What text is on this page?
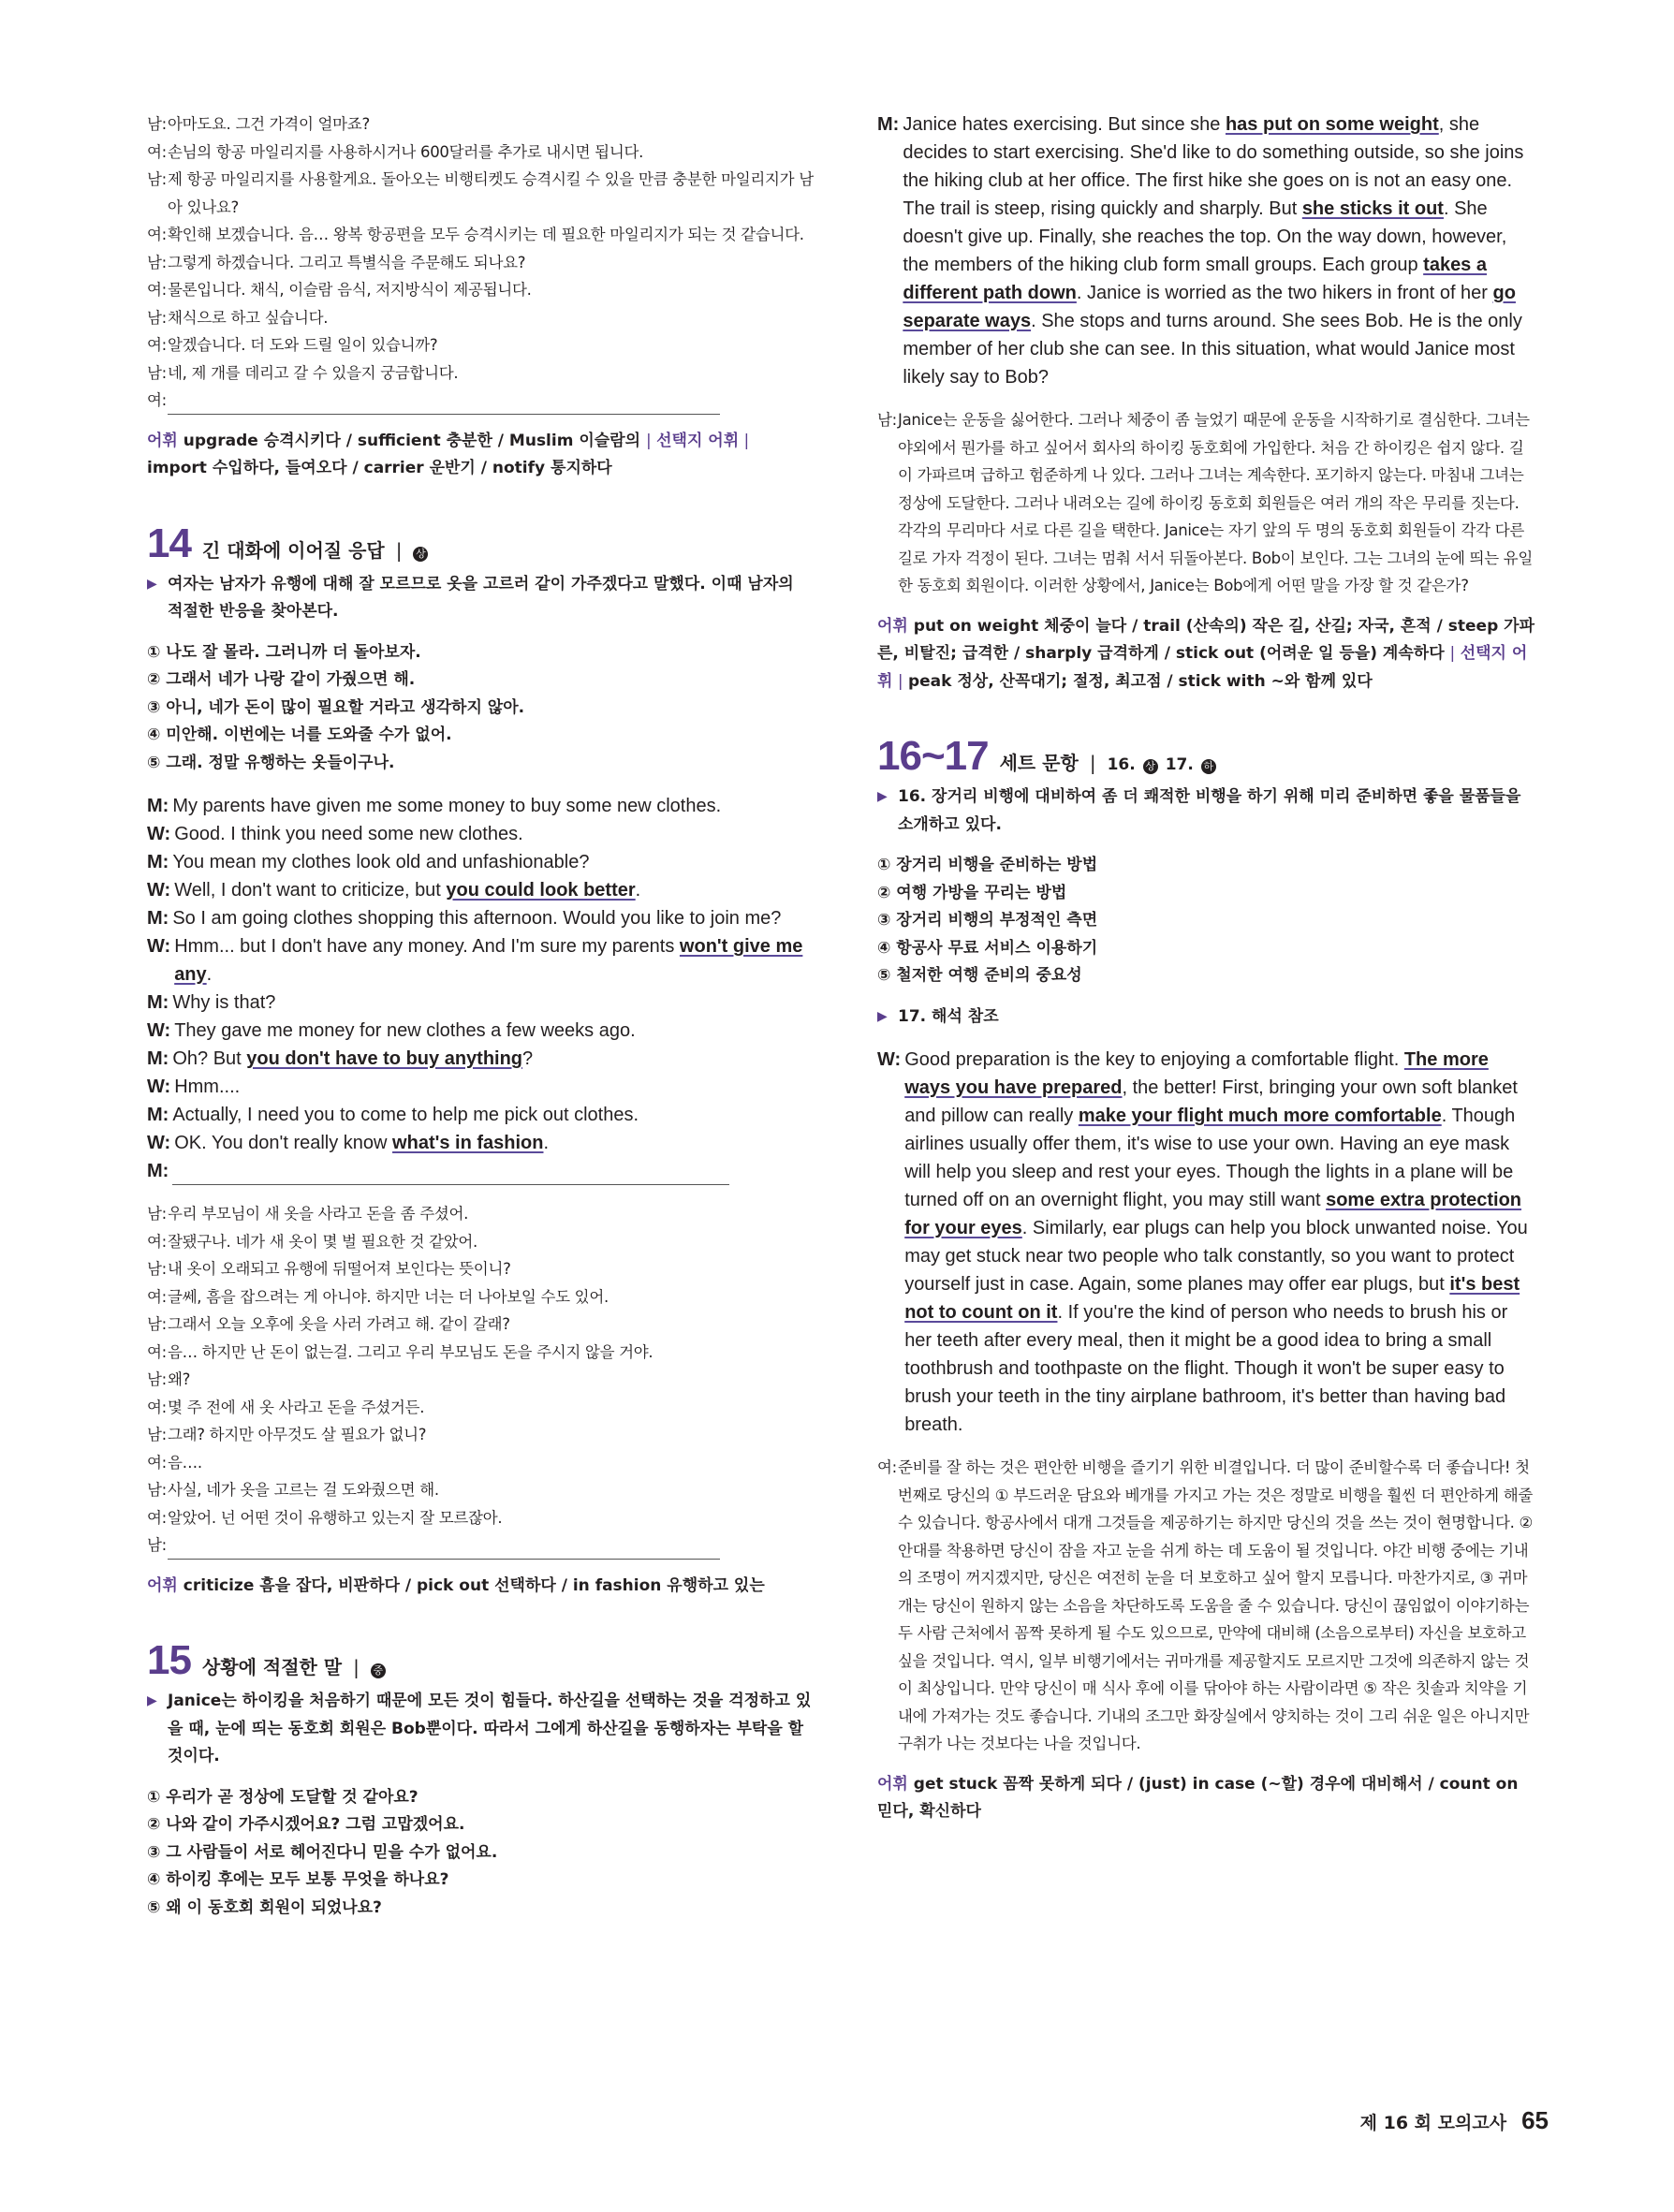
남: 아마도요. 그건 가격이 얼마죠?
여: 손님의 항공 마일리지를 사용하시거나 600달러를 추가로 내시면 됩니다.
남: 제 항공 마일리지를 사용할게요. 돌아오는 비행티켓도 승격시킬 수 있을 만큼 충분한 마일리지가 남아 있나요?
여: 확인해 보겠습니다. 음… 왕복 항공편을 모두 승격시키는 데 필요한 마일리지가 되는 것 같습니다.
남: 그렇게 하겠습니다. 그리고 특별식을 주문해도 되나요?
여: 물론입니다. 채식, 이슬람 음식, 저지방식이 제공됩니다.
남: 채식으로 하고 싶습니다.
여: 알겠습니다. 더 도와 드릴 일이 있습니까?
남: 네, 제 개를 데리고 갈 수 있을지 궁금합니다.
여:
어휘 upgrade 승격시키다 / sufficient 충분한 / Muslim 이슬람의 | 선택지 어휘 | import 수입하다, 들여오다 / carrier 운반기 / notify 통지하다
14 긴 대화에 이어질 응답 | 상
▶ 여자는 남자가 유행에 대해 잘 모르므로 옷을 고르러 같이 가주겠다고 말했다. 이때 남자의 적절한 반응을 찾아본다.
① 나도 잘 몰라. 그러니까 더 돌아보자.
② 그래서 네가 나랑 같이 가줬으면 해.
③ 아니, 네가 돈이 많이 필요할 거라고 생각하지 않아.
④ 미안해. 이번에는 너를 도와줄 수가 없어.
⑤ 그래. 정말 유행하는 옷들이구나.
M: My parents have given me some money to buy some new clothes.
W: Good. I think you need some new clothes.
M: You mean my clothes look old and unfashionable?
W: Well, I don't want to criticize, but you could look better.
M: So I am going clothes shopping this afternoon. Would you like to join me?
W: Hmm... but I don't have any money. And I'm sure my parents won't give me any.
M: Why is that?
W: They gave me money for new clothes a few weeks ago.
M: Oh? But you don't have to buy anything?
W: Hmm....
M: Actually, I need you to come to help me pick out clothes.
W: OK. You don't really know what's in fashion.
M:
남: 우리 부모님이 새 옷을 사라고 돈을 좀 주셨어.
여: 잘됐구나. 네가 새 옷이 몇 벌 필요한 것 같았어.
남: 내 옷이 오래되고 유행에 뒤떨어져 보인다는 뜻이니?
여: 글쎄, 흠을 잡으려는 게 아니야. 하지만 너는 더 나아보일 수도 있어.
남: 그래서 오늘 오후에 옷을 사러 가려고 해. 같이 갈래?
여: 음… 하지만 난 돈이 없는걸. 그리고 우리 부모님도 돈을 주시지 않을 거야.
남: 왜?
여: 몇 주 전에 새 옷 사라고 돈을 주셨거든.
남: 그래? 하지만 아무것도 살 필요가 없니?
여: 음….
남: 사실, 네가 옷을 고르는 걸 도와줬으면 해.
여: 알았어. 넌 어떤 것이 유행하고 있는지 잘 모르잖아.
남:
어휘 criticize 흠을 잡다, 비판하다 / pick out 선택하다 / in fashion 유행하고 있는
15 상황에 적절한 말 | 중
▶ Janice는 하이킹을 처음하기 때문에 모든 것이 힘들다. 하산길을 선택하는 것을 걱정하고 있을 때, 눈에 띄는 동호회 회원은 Bob뿐이다. 따라서 그에게 하산길을 동행하자는 부탁을 할 것이다.
① 우리가 곧 정상에 도달할 것 같아요?
② 나와 같이 가주시겠어요? 그럼 고맙겠어요.
③ 그 사람들이 서로 헤어진다니 믿을 수가 없어요.
④ 하이킹 후에는 모두 보통 무엇을 하나요?
⑤ 왜 이 동호회 회원이 되었나요?
M: Janice hates exercising. But since she has put on some weight, she decides to start exercising. She'd like to do something outside, so she joins the hiking club at her office. The first hike she goes on is not an easy one. The trail is steep, rising quickly and sharply. But she sticks it out. She doesn't give up. Finally, she reaches the top. On the way down, however, the members of the hiking club form small groups. Each group takes a different path down. Janice is worried as the two hikers in front of her go separate ways. She stops and turns around. She sees Bob. He is the only member of her club she can see. In this situation, what would Janice most likely say to Bob?
남: Janice는 운동을 싫어한다. 그러나 체중이 좀 늘었기 때문에 운동을 시작하기로 결심한다. 그녀는 야외에서 뭔가를 하고 싶어서 회사의 하이킹 동호회에 가입한다. 처음 간 하이킹은 쉽지 않다. 길이 가파르며 급하고 험준하게 나 있다. 그러나 그녀는 계속한다. 포기하지 않는다. 마침내 그녀는 정상에 도달한다. 그러나 내려오는 길에 하이킹 동호회 회원들은 여러 개의 작은 무리를 짓는다. 각각의 무리마다 서로 다른 길을 택한다. Janice는 자기 앞의 두 명의 동호회 회원들이 각각 다른 길로 가자 걱정이 된다. 그녀는 멈춰 서서 뒤돌아본다. Bob이 보인다. 그는 그녀의 눈에 띄는 유일한 동호회 회원이다. 이러한 상황에서, Janice는 Bob에게 어떤 말을 가장 할 것 같은가?
어휘 put on weight 체중이 늘다 / trail (산속의) 작은 길, 산길; 자국, 흔적 / steep 가파른, 비탈진; 급격한 / sharply 급격하게 / stick out (어려운 일 등을) 계속하다 | 선택지 어휘 | peak 정상, 산꼭대기; 절정, 최고점 / stick with ~와 함께 있다
16~17 세트 문항 | 16. 상 17. 하
▶ 16. 장거리 비행에 대비하여 좀 더 쾌적한 비행을 하기 위해 미리 준비하면 좋을 물품들을 소개하고 있다.
① 장거리 비행을 준비하는 방법
② 여행 가방을 꾸리는 방법
③ 장거리 비행의 부정적인 측면
④ 항공사 무료 서비스 이용하기
⑤ 철저한 여행 준비의 중요성
▶ 17. 해석 참조
W: Good preparation is the key to enjoying a comfortable flight. The more ways you have prepared, the better! First, bringing your own soft blanket and pillow can really make your flight much more comfortable. Though airlines usually offer them, it's wise to use your own. Having an eye mask will help you sleep and rest your eyes. Though the lights in a plane will be turned off on an overnight flight, you may still want some extra protection for your eyes. Similarly, ear plugs can help you block unwanted noise. You may get stuck near two people who talk constantly, so you want to protect yourself just in case. Again, some planes may offer ear plugs, but it's best not to count on it. If you're the kind of person who needs to brush his or her teeth after every meal, then it might be a good idea to bring a small toothbrush and toothpaste on the flight. Though it won't be super easy to brush your teeth in the tiny airplane bathroom, it's better than having bad breath.
여: 준비를 잘 하는 것은 편안한 비행을 즐기기 위한 비결입니다. 더 많이 준비할수록 더 좋습니다! 첫 번째로 당신의 ① 부드러운 담요와 베개를 가지고 가는 것은 정말로 비행을 훨씬 더 편안하게 해줄 수 있습니다. 항공사에서 대개 그것들을 제공하기는 하지만 당신의 것을 쓰는 것이 현명합니다. ② 안대를 착용하면 당신이 잠을 자고 눈을 쉬게 하는 데 도움이 될 것입니다. 야간 비행 중에는 기내의 조명이 꺼지겠지만, 당신은 여전히 눈을 더 보호하고 싶어 할지 모릅니다. 마찬가지로, ③ 귀마개는 당신이 원하지 않는 소음을 차단하도록 도움을 줄 수 있습니다. 당신이 끊임없이 이야기하는 두 사람 근처에서 꼼짝 못하게 될 수도 있으므로, 만약에 대비해 (소음으로부터) 자신을 보호하고 싶을 것입니다. 역시, 일부 비행기에서는 귀마개를 제공할지도 모르지만 그것에 의존하지 않는 것이 최상입니다. 만약 당신이 매 식사 후에 이를 닦아야 하는 사람이라면 ⑤ 작은 칫솔과 치약을 기내에 가져가는 것도 좋습니다. 기내의 조그만 화장실에서 양치하는 것이 그리 쉬운 일은 아니지만 구취가 나는 것보다는 나을 것입니다.
어휘 get stuck 꼼짝 못하게 되다 / (just) in case (~할) 경우에 대비해서 / count on 믿다, 확신하다
제 16 회 모의고사 65
